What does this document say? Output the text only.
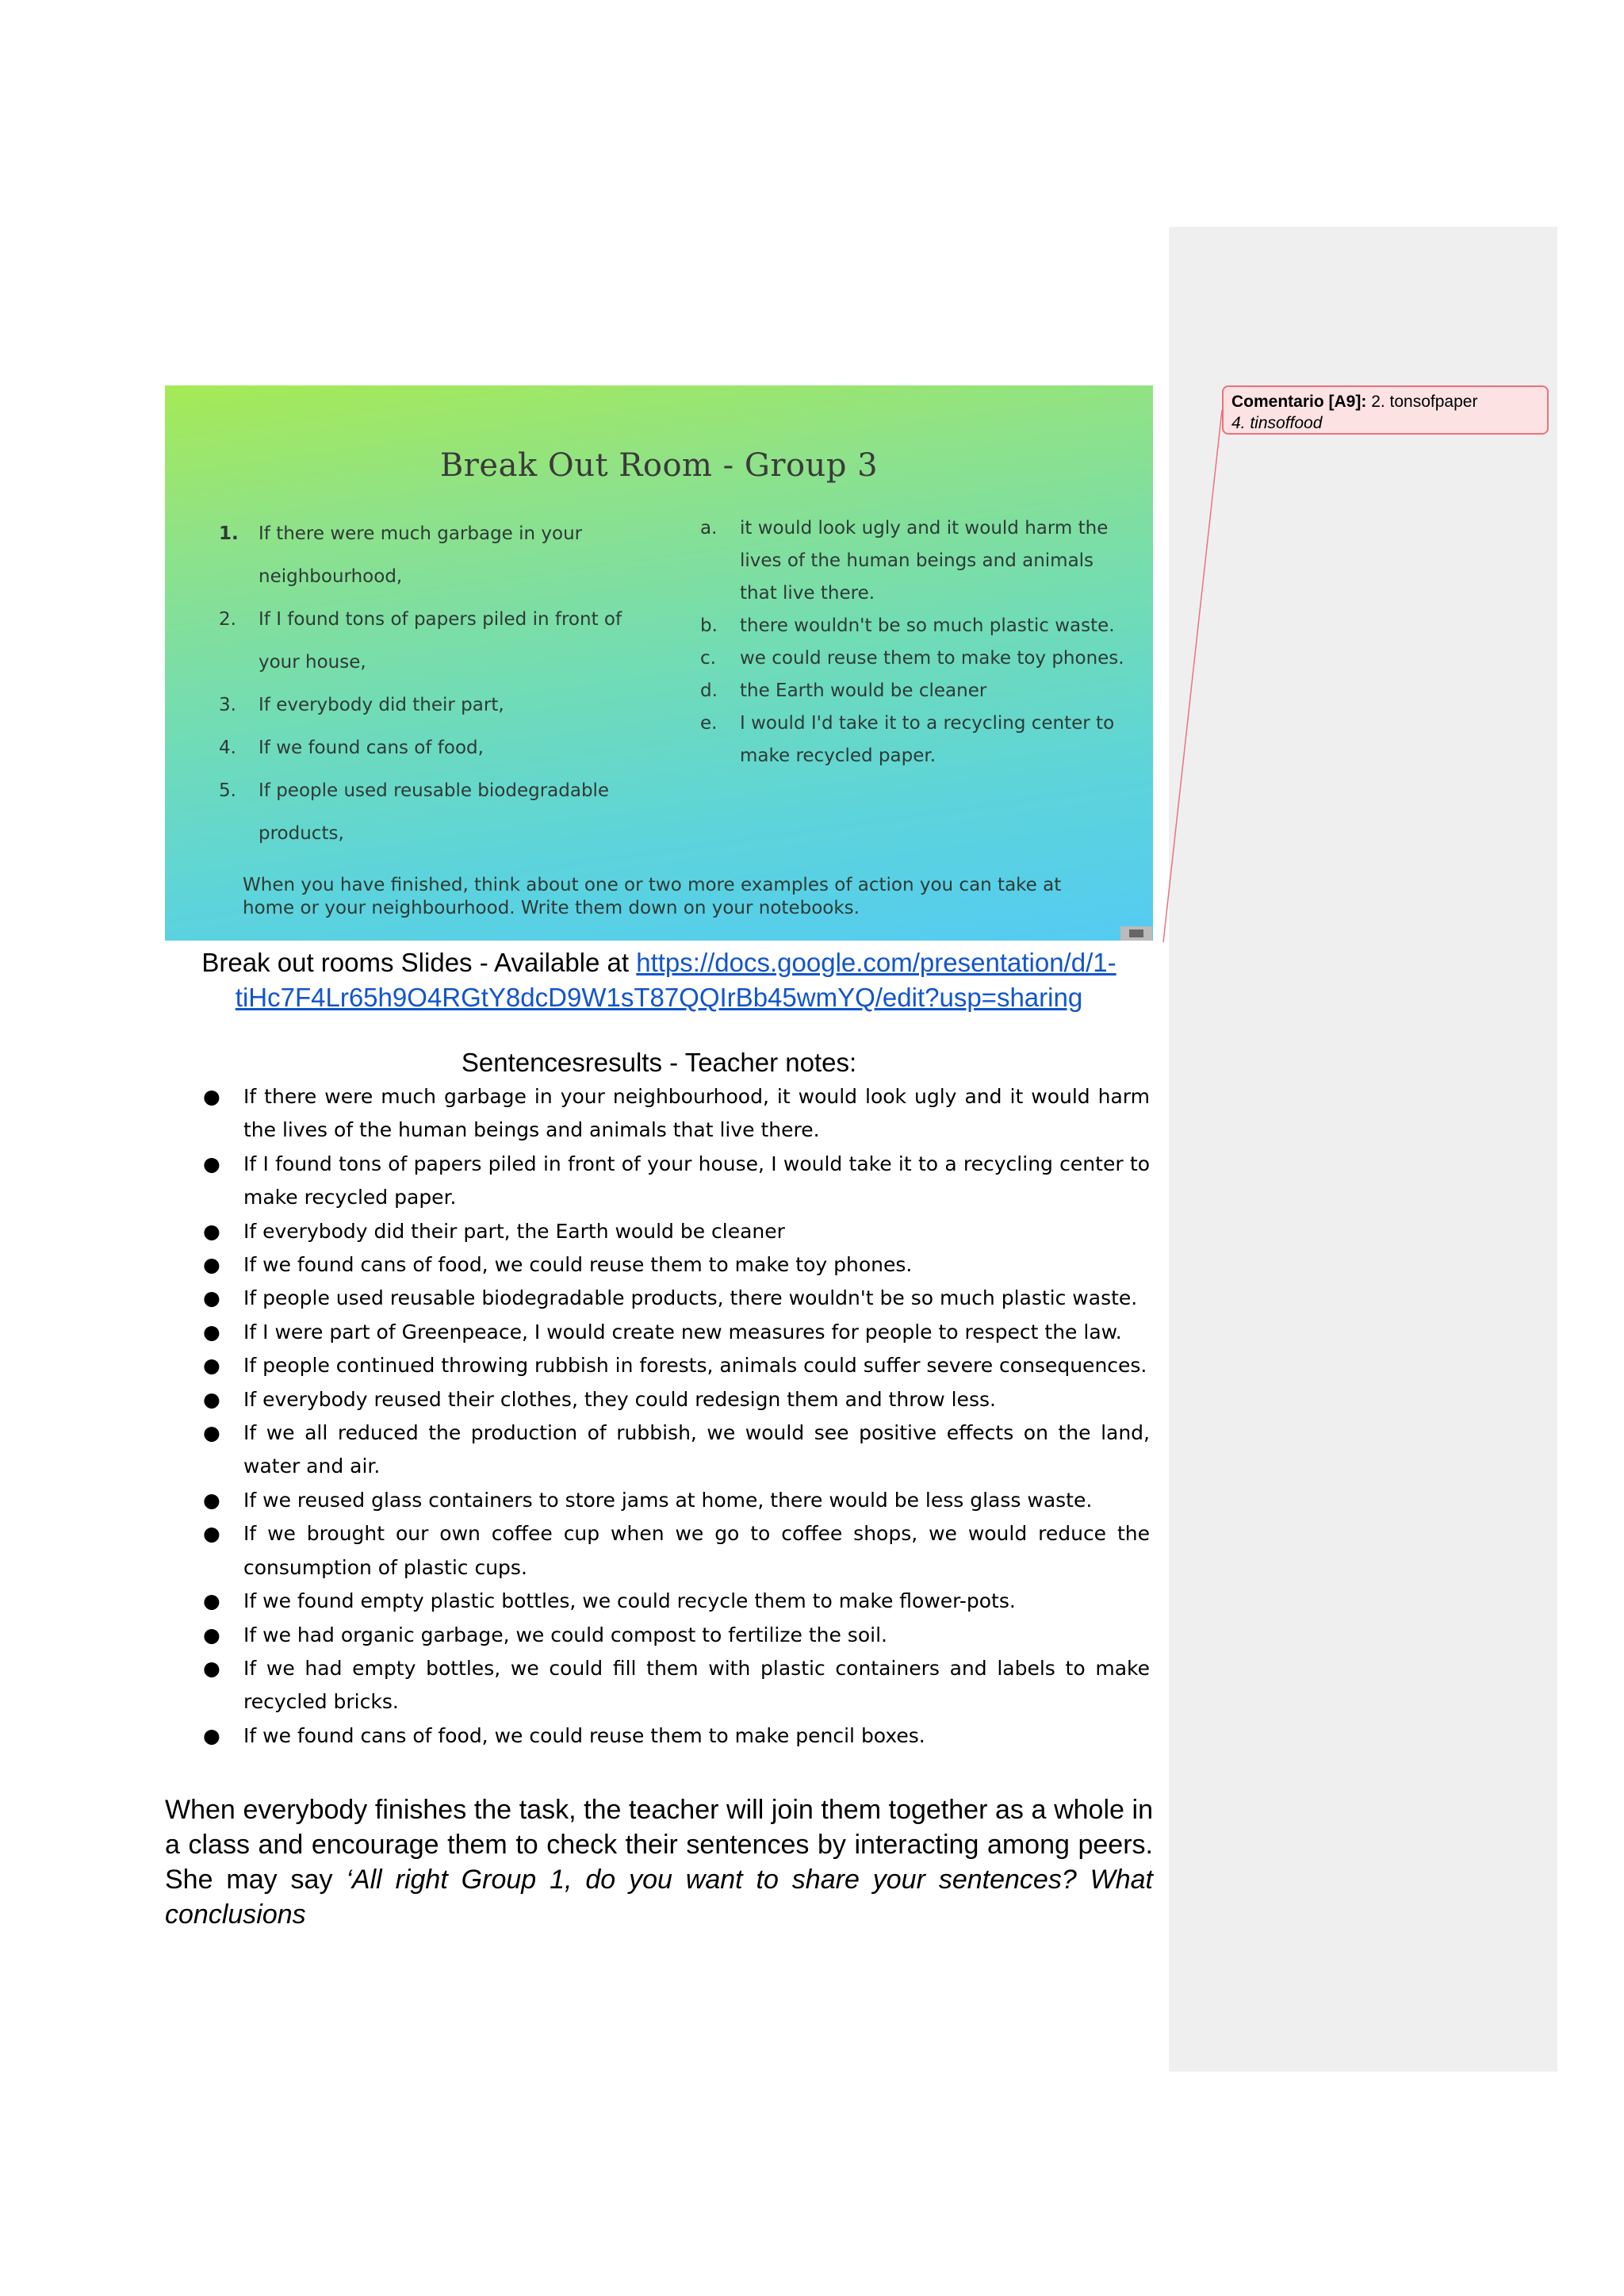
Comentario [A9]: 2. tonsofpaper
4. tinsoffood
Break Out Room - Group 3
1.	If there were much garbage in your neighbourhood,
2.	If I found tons of papers piled in front of your house,
3.	If everybody did their part,
4.	If we found cans of food,
5.	If people used reusable biodegradable products,
a.	it would look ugly and it would harm the lives of the human beings and animals that live there.
b.	there wouldn't be so much plastic waste.
c.	we could reuse them to make toy phones.
d.	the Earth would be cleaner
e.	I would I'd take it to a recycling center to make recycled paper.
When you have finished, think about one or two more examples of action you can take at home or your neighbourhood. Write them down on your notebooks.
Break out rooms Slides - Available at https://docs.google.com/presentation/d/1-tiHc7F4Lr65h9O4RGtY8dcD9W1sT87QQIrBb45wmYQ/edit?usp=sharing
Sentencesresults - Teacher notes:
● If there were much garbage in your neighbourhood, it would look ugly and it would harm the lives of the human beings and animals that live there.
● If I found tons of papers piled in front of your house, I would take it to a recycling center to make recycled paper.
● If everybody did their part, the Earth would be cleaner
● If we found cans of food, we could reuse them to make toy phones.
● If people used reusable biodegradable products, there wouldn't be so much plastic waste.
● If I were part of Greenpeace, I would create new measures for people to respect the law.
● If people continued throwing rubbish in forests, animals could suffer severe consequences.
● If everybody reused their clothes, they could redesign them and throw less.
● If we all reduced the production of rubbish, we would see positive effects on the land, water and air.
● If we reused glass containers to store jams at home, there would be less glass waste.
● If we brought our own coffee cup when we go to coffee shops, we would reduce the consumption of plastic cups.
● If we found empty plastic bottles, we could recycle them to make flower-pots.
● If we had organic garbage, we could compost to fertilize the soil.
● If we had empty bottles, we could fill them with plastic containers and labels to make recycled bricks.
● If we found cans of food, we could reuse them to make pencil boxes.
When everybody finishes the task, the teacher will join them together as a whole in a class and encourage them to check their sentences by interacting among peers. She may say ‘All right Group 1, do you want to share your sentences? What conclusions
